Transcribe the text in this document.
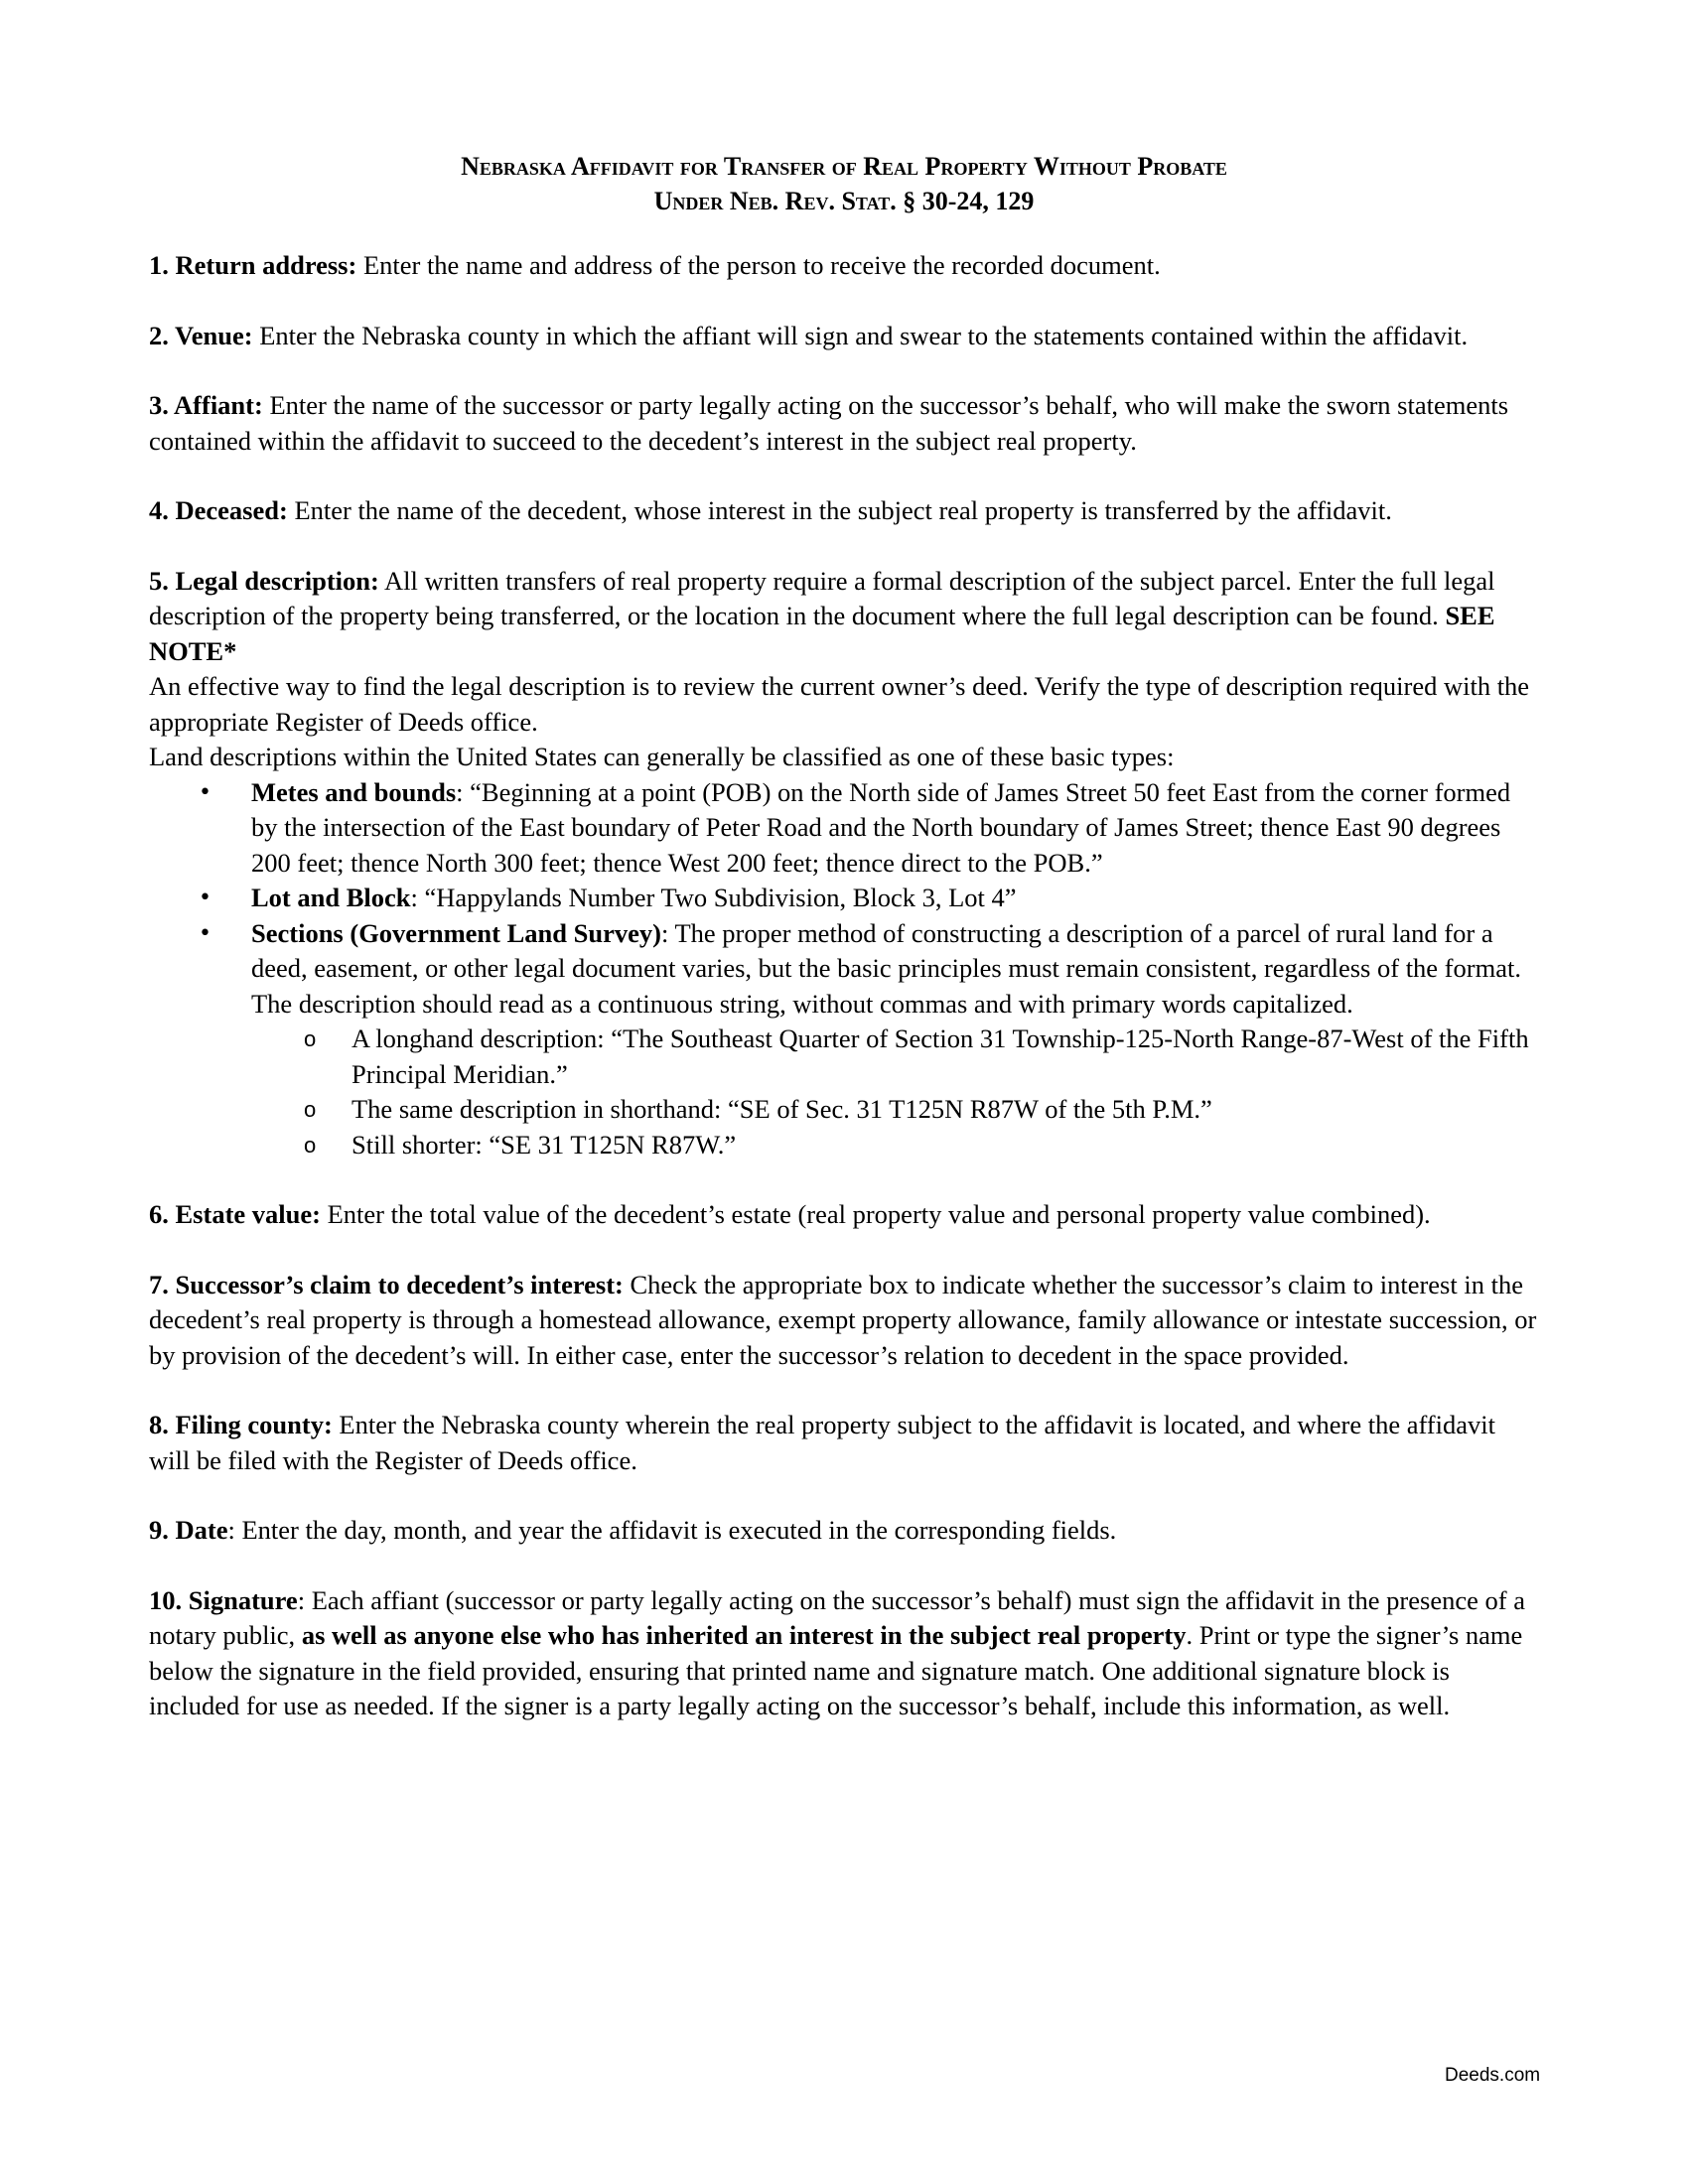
Nebraska Affidavit for Transfer of Real Property Without Probate
Under Neb. Rev. Stat. § 30-24, 129

1. Return address: Enter the name and address of the person to receive the recorded document.

2. Venue: Enter the Nebraska county in which the affiant will sign and swear to the statements contained within the affidavit.

3. Affiant: Enter the name of the successor or party legally acting on the successor’s behalf, who will make the sworn statements contained within the affidavit to succeed to the decedent’s interest in the subject real property.

4. Deceased: Enter the name of the decedent, whose interest in the subject real property is transferred by the affidavit.

5. Legal description: All written transfers of real property require a formal description of the subject parcel. Enter the full legal description of the property being transferred, or the location in the document where the full legal description can be found. SEE NOTE*

An effective way to find the legal description is to review the current owner’s deed. Verify the type of description required with the appropriate Register of Deeds office.

Land descriptions within the United States can generally be classified as one of these basic types:

• Metes and bounds: “Beginning at a point (POB) on the North side of James Street 50 feet East from the corner formed by the intersection of the East boundary of Peter Road and the North boundary of James Street; thence East 90 degrees 200 feet; thence North 300 feet; thence West 200 feet; thence direct to the POB.”
• Lot and Block: “Happylands Number Two Subdivision, Block 3, Lot 4”
• Sections (Government Land Survey): The proper method of constructing a description of a parcel of rural land for a deed, easement, or other legal document varies, but the basic principles must remain consistent, regardless of the format. The description should read as a continuous string, without commas and with primary words capitalized.
o A longhand description: “The Southeast Quarter of Section 31 Township-125-North Range-87-West of the Fifth Principal Meridian.”
o The same description in shorthand: “SE of Sec. 31 T125N R87W of the 5th P.M.”
o Still shorter: “SE 31 T125N R87W.”

6. Estate value: Enter the total value of the decedent’s estate (real property value and personal property value combined).

7. Successor’s claim to decedent’s interest: Check the appropriate box to indicate whether the successor’s claim to interest in the decedent’s real property is through a homestead allowance, exempt property allowance, family allowance or intestate succession, or by provision of the decedent’s will. In either case, enter the successor’s relation to decedent in the space provided.

8. Filing county: Enter the Nebraska county wherein the real property subject to the affidavit is located, and where the affidavit will be filed with the Register of Deeds office.

9. Date: Enter the day, month, and year the affidavit is executed in the corresponding fields.

10. Signature: Each affiant (successor or party legally acting on the successor’s behalf) must sign the affidavit in the presence of a notary public, as well as anyone else who has inherited an interest in the subject real property. Print or type the signer’s name below the signature in the field provided, ensuring that printed name and signature match. One additional signature block is included for use as needed. If the signer is a party legally acting on the successor’s behalf, include this information, as well.

Deeds.com
